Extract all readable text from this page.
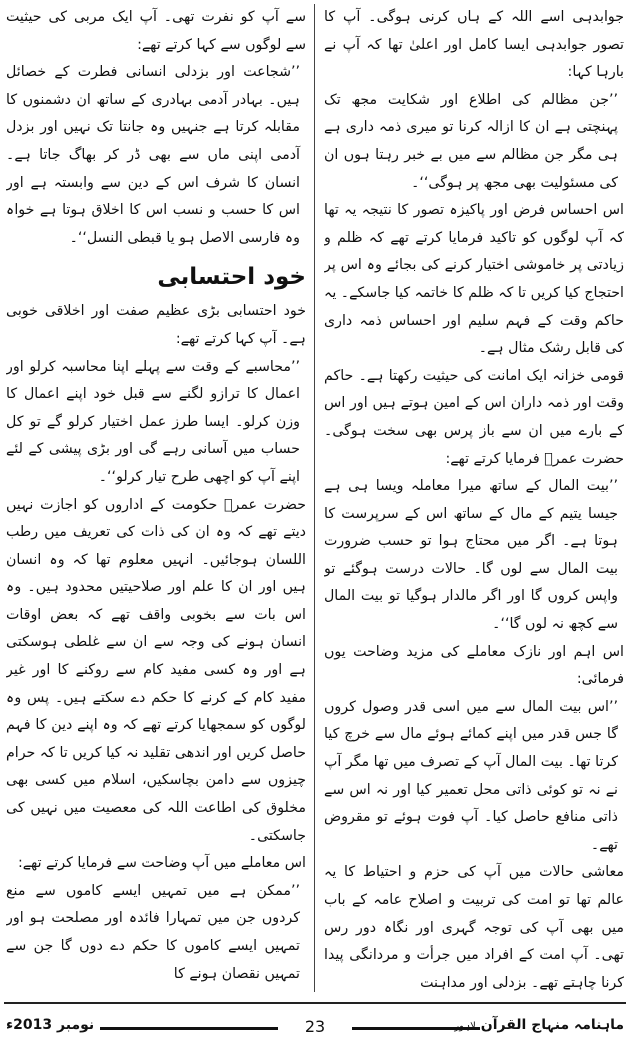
جوابدہی اسے اللہ کے ہاں کرنی ہوگی۔ آپ کا تصور جوابدہی ایسا کامل اور اعلیٰ تھا کہ آپ نے بارہا کہا:

’’جن مظالم کی اطلاع اور شکایت مجھ تک پہنچتی ہے ان کا ازالہ کرنا تو میری ذمہ داری ہے ہی مگر جن مظالم سے میں بے خبر رہتا ہوں ان کی مسئولیت بھی مجھ پر ہوگی‘‘۔

اس احساس فرض اور پاکیزہ تصور کا نتیجہ یہ تھا کہ آپ لوگوں کو تاکید فرمایا کرتے تھے کہ ظلم و زیادتی پر خاموشی اختیار کرنے کی بجائے وہ اس پر احتجاج کیا کریں تا کہ ظلم کا خاتمہ کیا جاسکے۔ یہ حاکم وقت کے فہم سلیم اور احساس ذمہ داری کی قابل رشک مثال ہے۔

قومی خزانہ ایک امانت کی حیثیت رکھتا ہے۔ حاکم وقت اور ذمہ داران اس کے امین ہوتے ہیں اور اس کے بارے میں ان سے باز پرس بھی سخت ہوگی۔ حضرت عمرؓ فرمایا کرتے تھے:

’’بیت المال کے ساتھ میرا معاملہ ویسا ہی ہے جیسا یتیم کے مال کے ساتھ اس کے سرپرست کا ہوتا ہے۔ اگر میں محتاج ہوا تو حسب ضرورت بیت المال سے لوں گا۔ حالات درست ہوگئے تو واپس کروں گا اور اگر مالدار ہوگیا تو بیت المال سے کچھ نہ لوں گا‘‘۔

اس اہم اور نازک معاملے کی مزید وضاحت یوں فرمائی:

’’اس بیت المال سے میں اسی قدر وصول کروں گا جس قدر میں اپنے کمائے ہوئے مال سے خرچ کیا کرتا تھا۔ بیت المال آپ کے تصرف میں تھا مگر آپ نے نہ تو کوئی ذاتی محل تعمیر کیا اور نہ اس سے ذاتی منافع حاصل کیا۔ آپ فوت ہوئے تو مقروض تھے۔

معاشی حالات میں آپ کی حزم و احتیاط کا یہ عالم تھا تو امت کی تربیت و اصلاح عامہ کے باب میں بھی آپ کی توجہ گہری اور نگاہ دور رس تھی۔ آپ امت کے افراد میں جرأت و مردانگی پیدا کرنا چاہتے تھے۔ بزدلی اور مداہنت

سے آپ کو نفرت تھی۔ آپ ایک مربی کی حیثیت سے لوگوں سے کہا کرتے تھے:

’’شجاعت اور بزدلی انسانی فطرت کے خصائل ہیں۔ بہادر آدمی بہادری کے ساتھ ان دشمنوں کا مقابلہ کرتا ہے جنہیں وہ جانتا تک نہیں اور بزدل آدمی اپنی ماں سے بھی ڈر کر بھاگ جاتا ہے۔ انسان کا شرف اس کے دین سے وابستہ ہے اور اس کا حسب و نسب اس کا اخلاق ہوتا ہے خواہ وہ فارسی الاصل ہو یا قبطی النسل‘‘۔

خود احتسابی

خود احتسابی بڑی عظیم صفت اور اخلاقی خوبی ہے۔ آپ کہا کرتے تھے:

’’محاسبے کے وقت سے پہلے اپنا محاسبہ کرلو اور اعمال کا ترازو لگنے سے قبل خود اپنے اعمال کا وزن کرلو۔ ایسا طرز عمل اختیار کرلو گے تو کل حساب میں آسانی رہے گی اور بڑی پیشی کے لئے اپنے آپ کو اچھی طرح تیار کرلو‘‘۔

حضرت عمرؓ حکومت کے اداروں کو اجازت نہیں دیتے تھے کہ وہ ان کی ذات کی تعریف میں رطب اللسان ہوجائیں۔ انہیں معلوم تھا کہ وہ انسان ہیں اور ان کا علم اور صلاحیتیں محدود ہیں۔ وہ اس بات سے بخوبی واقف تھے کہ بعض اوقات انسان ہونے کی وجہ سے ان سے غلطی ہوسکتی ہے اور وہ کسی مفید کام سے روکنے کا اور غیر مفید کام کے کرنے کا حکم دے سکتے ہیں۔ پس وہ لوگوں کو سمجھایا کرتے تھے کہ وہ اپنے دین کا فہم حاصل کریں اور اندھی تقلید نہ کیا کریں تا کہ حرام چیزوں سے دامن بچاسکیں، اسلام میں کسی بھی مخلوق کی اطاعت اللہ کی معصیت میں نہیں کی جاسکتی۔

اس معاملے میں آپ وضاحت سے فرمایا کرتے تھے:

’’ممکن ہے میں تمہیں ایسے کاموں سے منع کردوں جن میں تمہارا فائدہ اور مصلحت ہو اور تمہیں ایسے کاموں کا حکم دے دوں گا جن سے تمہیں نقصان ہونے کا

ماہنامہ منہاج القرآن
23
نومبر 2013ء
